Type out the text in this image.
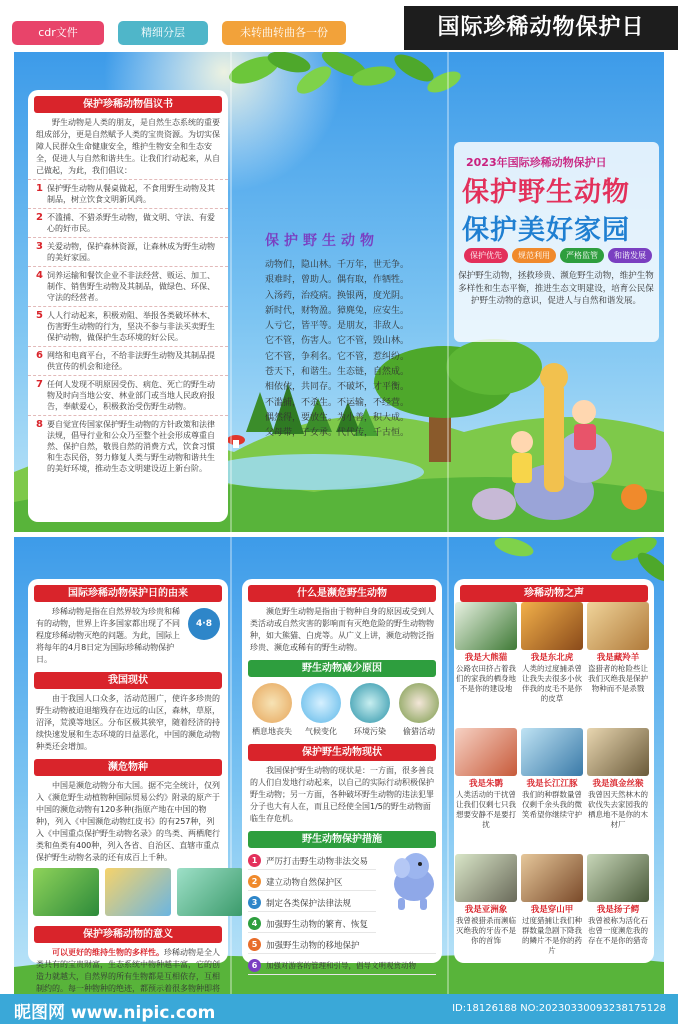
cdr文件	精细分层	未转曲转曲各一份	国际珍稀动物保护日
保护珍稀动物倡议书
野生动物是人类的朋友，是自然生态系统的重要组成部分，更是自然赋予人类的宝贵资源。为切实保障人民群众生命健康安全，维护生物安全和生态安全，促进人与自然和谐共生。让我们行动起来，从自己做起，为此，我们倡议：
1 保护野生动物从餐桌做起，不食用野生动物及其制品，树立饮食文明新风尚。
2 不滥捕、不猎杀野生动物，做文明、守法、有爱心的好市民。
3 关爱动物，保护森林资源，让森林成为野生动物的美好家园。
4 饲养运输和餐饮企业不非法经营、贩运、加工、制作、销售野生动物及其制品，做绿色、环保、守法的经营者。
5 人人行动起来，积极劝阻、举报各类破坏林木、伤害野生动物的行为，坚决不参与非法买卖野生保护动物，做保护生态环境的好公民。
6 网络和电商平台，不给非法野生动物及其制品提供宣传的机会和途径。
7 任何人发现不明原因受伤、病危、死亡的野生动物及时向当地公安、林业部门或当地人民政府报告，奉献爱心，积极救治受伤野生动物。
8 要自觉宣传国家保护野生动物的方针政策和法律法规，倡导行业和公众乃至整个社会形成尊重自然、保护自然，敬畏自然的消费方式，饮食习惯和生态民俗，努力修复人类与野生动物和谐共生的美好环境，推动生态文明建设迈上新台阶。
保护野生动物
动物们，隐山林。千万年，世无争。
艰难时，曾助人。偶有取，作牺牲。
入汤药，治疫病。换银两，度光阴。
新时代，财物盈。獐麂兔，应安生。
人亏它，皆平等。是朋友，非敌人。
它不管，伤害人。它不管，毁山林。
它不管，争利名。它不管，惹纠纷。
苍天下，和谐生。生态链，自然成。
相依依，共同存。不破坏，才平衡。
不滥捕，不杀生。不运输，不经营。
偶然得，要放生。为小善，积大成。
父母带，子女承。代代传，千古恒。
2023年国际珍稀动物保护日
保护野生动物
保护美好家园
保护优先	规范利用	严格监管	和谐发展
保护野生动物，拯救珍贵、濒危野生动物，维护生物多样性和生态平衡，推进生态文明建设，培育公民保护野生动物的意识，促进人与自然和谐发展。
国际珍稀动物保护日的由来
珍稀动物是指在自然界较为珍贵和稀有的动物，世界上许多国家都出现了不同程度珍稀动物灭绝的问题。为此，国际上将每年的4月8日定为国际珍稀动物保护日。
4·8
我国现状
由于我国人口众多，活动范围广，使许多珍贵的野生动物被迫退缩残存在边远的山区，森林，草原，沼泽，荒漠等地区。分布区极其狭窄，随着经济的持续快速发展和生态环境的日益恶化，中国的濒危动物种类还会增加。
濒危物种
中国是濒危动物分布大国。据不完全统计，仅列入《濒危野生动植物种国际贸易公约》附录的原产于中国的濒危动物有120多种(指原产地在中国的物种)，列入《中国濒危动物红皮书》的有257种，列入《中国重点保护野生动物名录》的鸟类、两栖爬行类和鱼类有400种，列入各省、自治区、直辖市重点保护野生动物名录的还有成百上千种。
保护珍稀动物的意义
可以更好的维持生物的多样性。珍稀动物是全人类共有的宝贵财富，生态系统中物种越丰富，它的创造力就越大，自然界的所有生物都是互相依存，互相制约的。每一种物种的绝迹，都预示着很多物种即将
什么是濒危野生动物
濒危野生动物是指由于物种自身的原因或受到人类活动或自然灾害的影响而有灭绝危险的野生动物物种，如大熊猫、白虎等。从广义上讲，濒危动物泛指珍贵、濒危或稀有的野生动物。
野生动物减少原因
栖息地丧失 气候变化 环境污染 偷猎活动
保护野生动物现状
我国保护野生动物的现状是：一方面，很多善良的人们自发地行动起来，以自己的实际行动积极保护野生动物；另一方面，各种破坏野生动物的违法犯罪分子也大有人在，而且已经使全国1/5的野生动物面临生存危机。
野生动物保护措施
1	严厉打击野生动物非法交易
2	建立动物自然保护区
3	制定各类保护法律法规
4	加强野生动物的繁育、恢复
5	加强野生动物的移地保护
6	加强对游客的管理和引导，倡导文明观赏动物
珍稀动物之声
我是大熊猫
公路农田挤占着我们的家我的栖身地不是你的建设地
我是东北虎
人类的过度捕杀曾让我失去很多小伙伴我的皮毛不是你的皮草
我是藏羚羊
盗猎者的枪险些让我们灭绝我是保护物种而不是杀戮
我是朱鹮
人类活动的干扰曾让我们仅剩七只我想要安静不是要打扰
我是长江江豚
我们的种群数量曾仅剩千余头我的微笑希望你继续守护
我是滇金丝猴
我曾因天然林木的砍伐失去家园我的栖息地不是你的木材厂
我是亚洲象
我曾被猎杀而濒临灭绝我的牙齿不是你的首饰
我是穿山甲
过度猎捕让我们种群数量急剧下降我的鳞片不是你的药片
我是扬子鳄
我曾被称为活化石也曾一度濒危我的存在不是你的猎奇
昵图网 www.nipic.com	ID:18126188 NO:20230330093238175128
